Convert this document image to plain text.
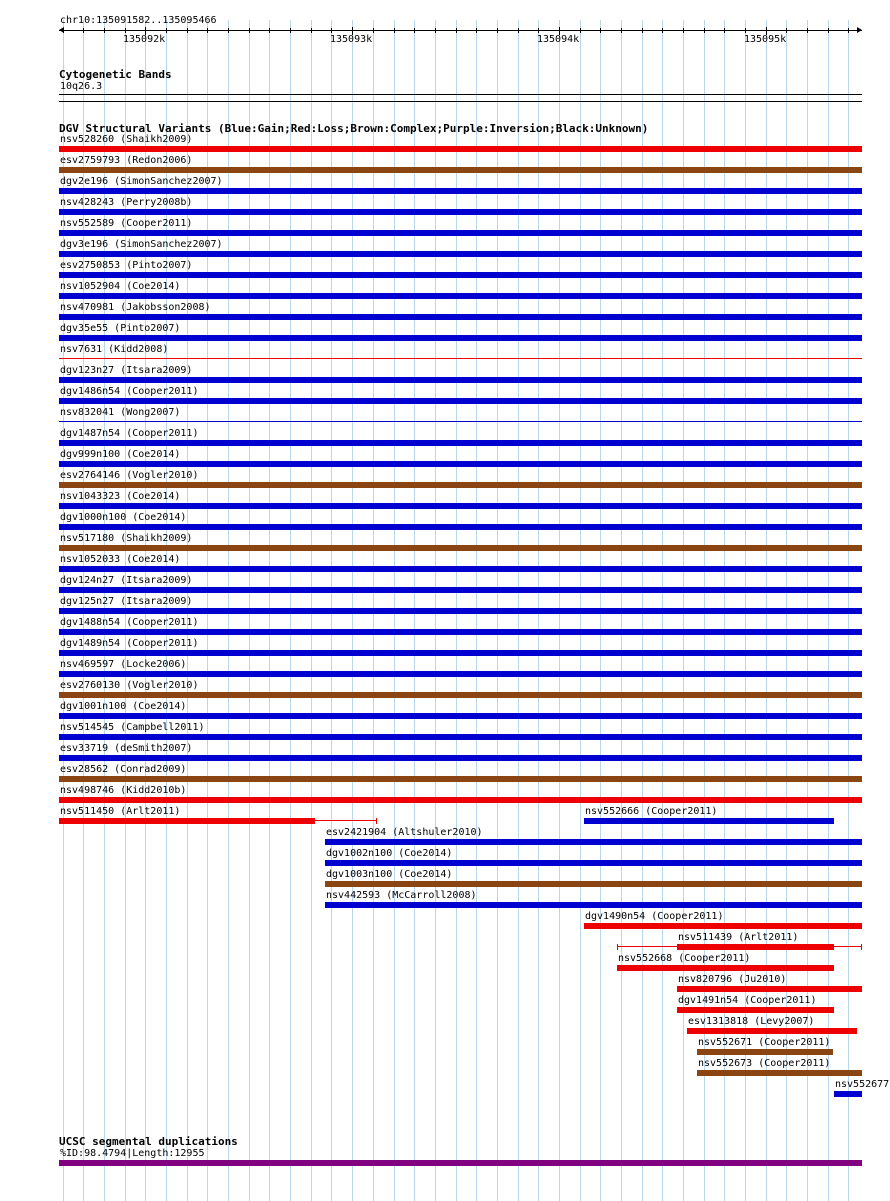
chr10:135091582..135095466
135092k	135093k	135094k	135095k
Cytogenetic Bands
10q26.3
DGV Structural Variants (Blue:Gain;Red:Loss;Brown:Complex;Purple:Inversion;Black:Unknown)
nsv528260 (Shaikh2009)
esv2759793 (Redon2006)
dgv2e196 (SimonSanchez2007)
nsv428243 (Perry2008b)
nsv552589 (Cooper2011)
dgv3e196 (SimonSanchez2007)
esv2750853 (Pinto2007)
nsv1052904 (Coe2014)
nsv470981 (Jakobsson2008)
dgv35e55 (Pinto2007)
nsv7631 (Kidd2008)
dgv123n27 (Itsara2009)
dgv1486n54 (Cooper2011)
nsv832041 (Wong2007)
dgv1487n54 (Cooper2011)
dgv999n100 (Coe2014)
esv2764146 (Vogler2010)
nsv1043323 (Coe2014)
dgv1000n100 (Coe2014)
nsv517180 (Shaikh2009)
nsv1052033 (Coe2014)
dgv124n27 (Itsara2009)
dgv125n27 (Itsara2009)
dgv1488n54 (Cooper2011)
dgv1489n54 (Cooper2011)
nsv469597 (Locke2006)
esv2760130 (Vogler2010)
dgv1001n100 (Coe2014)
nsv514545 (Campbell2011)
esv33719 (deSmith2007)
esv28562 (Conrad2009)
nsv498746 (Kidd2010b)
nsv511450 (Arlt2011)	nsv552666 (Cooper2011)
esv2421904 (Altshuler2010)
dgv1002n100 (Coe2014)
dgv1003n100 (Coe2014)
nsv442593 (McCarroll2008)
dgv1490n54 (Cooper2011)
nsv511439 (Arlt2011)
nsv552668 (Cooper2011)
nsv820796 (Ju2010)
dgv1491n54 (Cooper2011)
esv1313818 (Levy2007)
nsv552671 (Cooper2011)
nsv552673 (Cooper2011)
nsv552677
UCSC segmental duplications
%ID:98.4794|Length:12955
